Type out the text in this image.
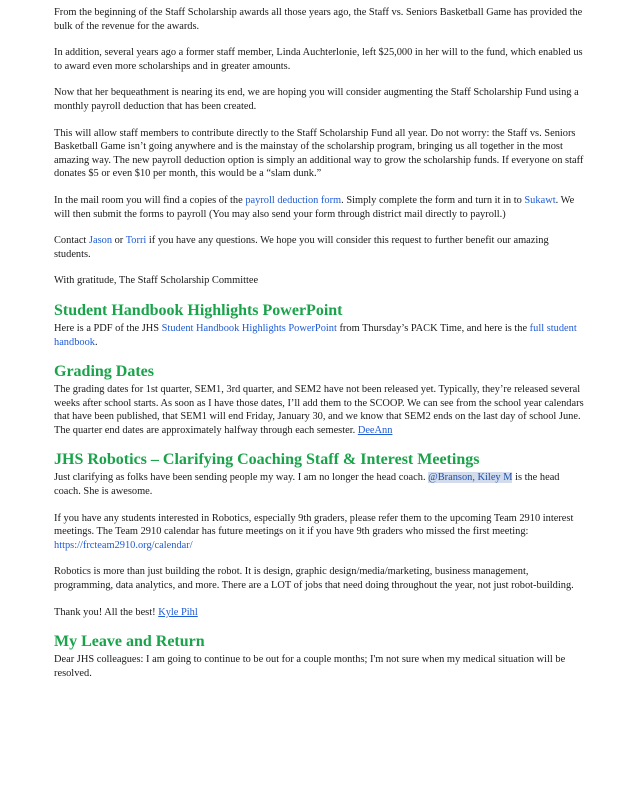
From the beginning of the Staff Scholarship awards all those years ago, the Staff vs. Seniors Basketball Game has provided the bulk of the revenue for the awards.

In addition, several years ago a former staff member, Linda Auchterlonie, left $25,000 in her will to the fund, which enabled us to award even more scholarships and in greater amounts.

Now that her bequeathment is nearing its end, we are hoping you will consider augmenting the Staff Scholarship Fund using a monthly payroll deduction that has been created.

This will allow staff members to contribute directly to the Staff Scholarship Fund all year. Do not worry: the Staff vs. Seniors Basketball Game isn’t going anywhere and is the mainstay of the scholarship program, bringing us all together in the most amazing way. The new payroll deduction option is simply an additional way to grow the scholarship funds. If everyone on staff donates $5 or even $10 per month, this would be a “slam dunk.”

In the mail room you will find a copies of the payroll deduction form. Simply complete the form and turn it in to Sukawt. We will then submit the forms to payroll (You may also send your form through district mail directly to payroll.)

Contact Jason or Torri if you have any questions. We hope you will consider this request to further benefit our amazing students.

With gratitude, The Staff Scholarship Committee

Student Handbook Highlights PowerPoint

Here is a PDF of the JHS Student Handbook Highlights PowerPoint from Thursday’s PACK Time, and here is the full student handbook.

Grading Dates

The grading dates for 1st quarter, SEM1, 3rd quarter, and SEM2 have not been released yet. Typically, they’re released several weeks after school starts. As soon as I have those dates, I’ll add them to the SCOOP. We can see from the school year calendars that have been published, that SEM1 will end Friday, January 30, and we know that SEM2 ends on the last day of school June. The quarter end dates are approximately halfway through each semester. DeeAnn

JHS Robotics – Clarifying Coaching Staff & Interest Meetings

Just clarifying as folks have been sending people my way. I am no longer the head coach. @Branson, Kiley M is the head coach. She is awesome.

If you have any students interested in Robotics, especially 9th graders, please refer them to the upcoming Team 2910 interest meetings. The Team 2910 calendar has future meetings on it if you have 9th graders who missed the first meeting: https://frcteam2910.org/calendar/

Robotics is more than just building the robot. It is design, graphic design/media/marketing, business management, programming, data analytics, and more. There are a LOT of jobs that need doing throughout the year, not just robot-building.

Thank you! All the best! Kyle Pihl

My Leave and Return

Dear JHS colleagues: I am going to continue to be out for a couple months; I'm not sure when my medical situation will be resolved.
